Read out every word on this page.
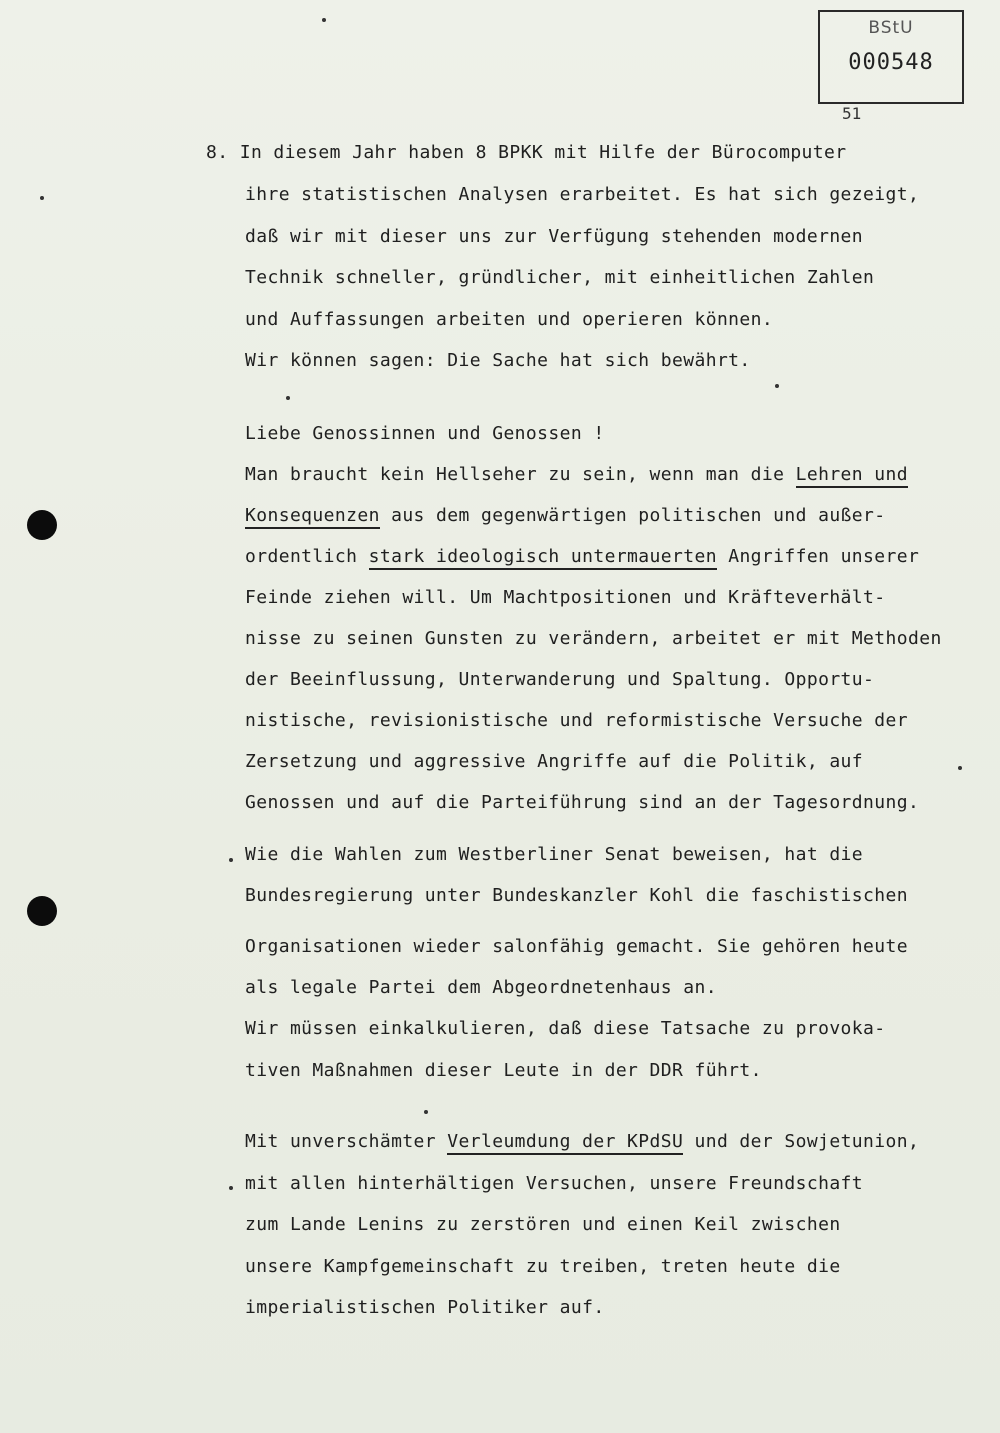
BStU
000548
51
8. In diesem Jahr haben 8 BPKK mit Hilfe der Bürocomputer
ihre statistischen Analysen erarbeitet. Es hat sich gezeigt,
daß wir mit dieser uns zur Verfügung stehenden modernen
Technik schneller, gründlicher, mit einheitlichen Zahlen
und Auffassungen arbeiten und operieren können.
Wir können sagen: Die Sache hat sich bewährt.
Liebe Genossinnen und Genossen !
Man braucht kein Hellseher zu sein, wenn man die Lehren und
Konsequenzen aus dem gegenwärtigen politischen und außer-
ordentlich stark ideologisch untermauerten Angriffen unserer
Feinde ziehen will. Um Machtpositionen und Kräfteverhält-
nisse zu seinen Gunsten zu verändern, arbeitet er mit Methoden
der Beeinflussung, Unterwanderung und Spaltung. Opportu-
nistische, revisionistische und reformistische Versuche der
Zersetzung und aggressive Angriffe auf die Politik, auf
Genossen und auf die Parteiführung sind an der Tagesordnung.
Wie die Wahlen zum Westberliner Senat beweisen, hat die
Bundesregierung unter Bundeskanzler Kohl die faschistischen
Organisationen wieder salonfähig gemacht. Sie gehören heute
als legale Partei dem Abgeordnetenhaus an.
Wir müssen einkalkulieren, daß diese Tatsache zu provoka-
tiven Maßnahmen dieser Leute in der DDR führt.
Mit unverschämter Verleumdung der KPdSU und der Sowjetunion,
mit allen hinterhältigen Versuchen, unsere Freundschaft
zum Lande Lenins zu zerstören und einen Keil zwischen
unsere Kampfgemeinschaft zu treiben, treten heute die
imperialistischen Politiker auf.
